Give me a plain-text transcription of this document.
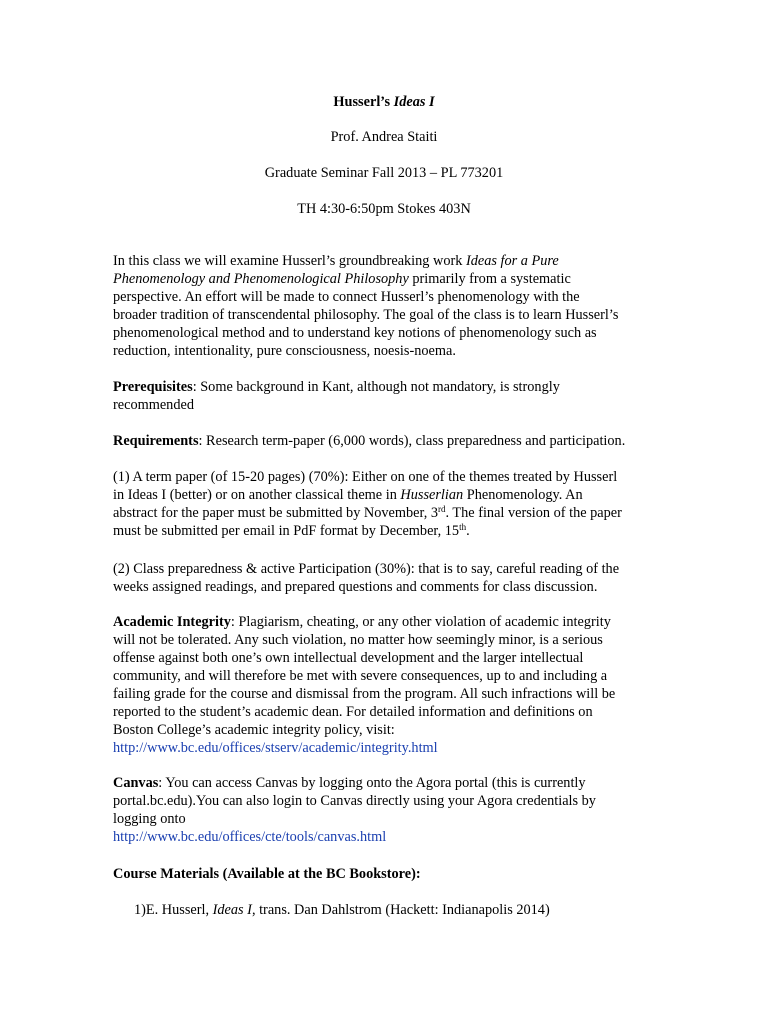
Husserl’s Ideas I
Prof. Andrea Staiti
Graduate Seminar Fall 2013 – PL 773201
TH 4:30-6:50pm Stokes 403N
In this class we will examine Husserl’s groundbreaking work Ideas for a Pure
Phenomenology and Phenomenological Philosophy primarily from a systematic
perspective. An effort will be made to connect Husserl’s phenomenology with the
broader tradition of transcendental philosophy. The goal of the class is to learn Husserl’s
phenomenological method and to understand key notions of phenomenology such as
reduction, intentionality, pure consciousness, noesis-noema.
Prerequisites: Some background in Kant, although not mandatory, is strongly
recommended
Requirements: Research term-paper (6,000 words), class preparedness and participation.
(1) A term paper (of 15-20 pages) (70%): Either on one of the themes treated by Husserl
in Ideas I (better) or on another classical theme in Husserlian Phenomenology. An
abstract for the paper must be submitted by November, 3rd. The final version of the paper
must be submitted per email in PdF format by December, 15th.
(2) Class preparedness & active Participation (30%): that is to say, careful reading of the
weeks assigned readings, and prepared questions and comments for class discussion.
Academic Integrity: Plagiarism, cheating, or any other violation of academic integrity
will not be tolerated. Any such violation, no matter how seemingly minor, is a serious
offense against both one’s own intellectual development and the larger intellectual
community, and will therefore be met with severe consequences, up to and including a
failing grade for the course and dismissal from the program. All such infractions will be
reported to the student’s academic dean. For detailed information and definitions on
Boston College’s academic integrity policy, visit:
http://www.bc.edu/offices/stserv/academic/integrity.html
Canvas: You can access Canvas by logging onto the Agora portal (this is currently
portal.bc.edu).You can also login to Canvas directly using your Agora credentials by
logging onto
http://www.bc.edu/offices/cte/tools/canvas.html
Course Materials (Available at the BC Bookstore):
1)E. Husserl, Ideas I, trans. Dan Dahlstrom (Hackett: Indianapolis 2014)
